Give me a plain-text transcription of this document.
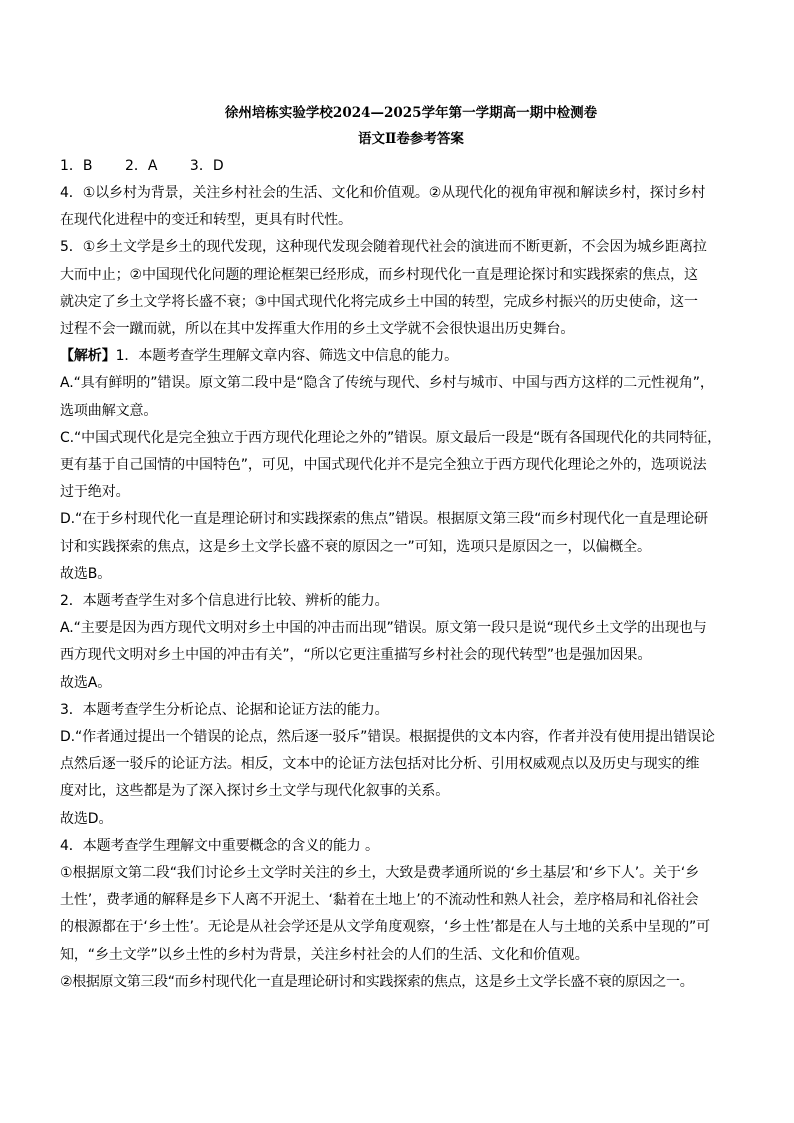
徐州培栋实验学校2024—2025学年第一学期高一期中检测卷

语文Ⅱ卷参考答案

1．B 2．A 3．D

4．①以乡村为背景，关注乡村社会的生活、文化和价值观。②从现代化的视角审视和解读乡村，探讨乡村

在现代化进程中的变迁和转型，更具有时代性。

5．①乡土文学是乡土的现代发现，这种现代发现会随着现代社会的演进而不断更新，不会因为城乡距离拉

大而中止；②中国现代化问题的理论框架已经形成，而乡村现代化一直是理论探讨和实践探索的焦点，这

就决定了乡土文学将长盛不衰；③中国式现代化将完成乡土中国的转型，完成乡村振兴的历史使命，这一

过程不会一蹴而就，所以在其中发挥重大作用的乡土文学就不会很快退出历史舞台。

【解析】1．本题考查学生理解文章内容、筛选文中信息的能力。

A.“具有鲜明的”错误。原文第二段中是“隐含了传统与现代、乡村与城市、中国与西方这样的二元性视角”，

选项曲解文意。

C.“中国式现代化是完全独立于西方现代化理论之外的”错误。原文最后一段是“既有各国现代化的共同特征，

更有基于自己国情的中国特色”，可见，中国式现代化并不是完全独立于西方现代化理论之外的，选项说法

过于绝对。

D.“在于乡村现代化一直是理论研讨和实践探索的焦点”错误。根据原文第三段“而乡村现代化一直是理论研

讨和实践探索的焦点，这是乡土文学长盛不衰的原因之一”可知，选项只是原因之一，以偏概全。

故选B。

2．本题考查学生对多个信息进行比较、辨析的能力。

A.“主要是因为西方现代文明对乡土中国的冲击而出现”错误。原文第一段只是说“现代乡土文学的出现也与

西方现代文明对乡土中国的冲击有关”，“所以它更注重描写乡村社会的现代转型”也是强加因果。

故选A。

3．本题考查学生分析论点、论据和论证方法的能力。

D.“作者通过提出一个错误的论点，然后逐一驳斥”错误。根据提供的文本内容，作者并没有使用提出错误论

点然后逐一驳斥的论证方法。相反，文本中的论证方法包括对比分析、引用权威观点以及历史与现实的维

度对比，这些都是为了深入探讨乡土文学与现代化叙事的关系。

故选D。

4．本题考查学生理解文中重要概念的含义的能力 。

①根据原文第二段“我们讨论乡土文学时关注的乡土，大致是费孝通所说的‘乡土基层’和‘乡下人’。关于‘乡

土性’，费孝通的解释是乡下人离不开泥土、‘黏着在土地上’的不流动性和熟人社会，差序格局和礼俗社会

的根源都在于‘乡土性’。无论是从社会学还是从文学角度观察，‘乡土性’都是在人与土地的关系中呈现的”可

知，“乡土文学”以乡土性的乡村为背景，关注乡村社会的人们的生活、文化和价值观。

②根据原文第三段“而乡村现代化一直是理论研讨和实践探索的焦点，这是乡土文学长盛不衰的原因之一。
